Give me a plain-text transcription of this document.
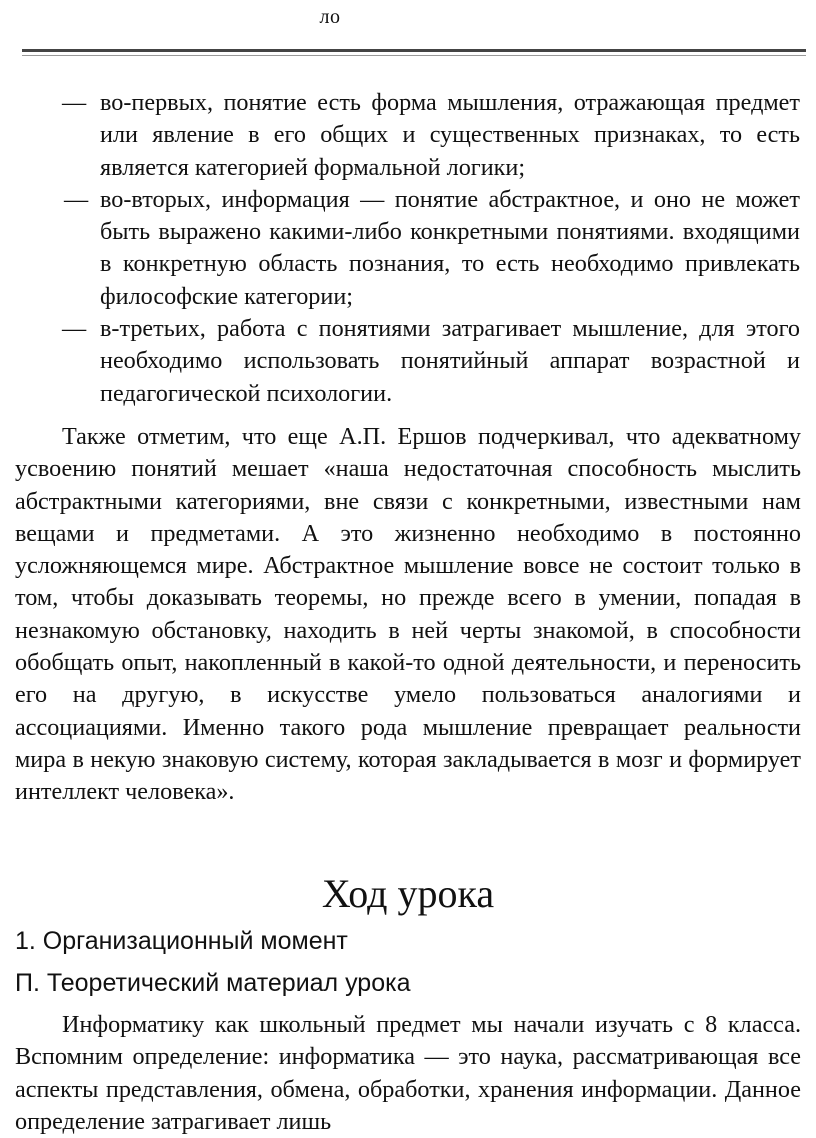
ло
— во-первых, понятие есть форма мышления, отражающая предмет или явление в его общих и существенных признаках, то есть является категорией формальной логики;
— во-вторых, информация — понятие абстрактное, и оно не может быть выражено какими-либо конкретными понятиями. входящими в конкретную область познания, то есть необходимо привлекать философские категории;
— в-третьих, работа с понятиями затрагивает мышление, для этого необходимо использовать понятийный аппарат возрастной и педагогической психологии.
Также отметим, что еще А.П. Ершов подчеркивал, что адекватному усвоению понятий мешает «наша недостаточная способность мыслить абстрактными категориями, вне связи с конкретными, известными нам вещами и предметами. А это жизненно необходимо в постоянно усложняющемся мире. Абстрактное мышление вовсе не состоит только в том, чтобы доказывать теоремы, но прежде всего в умении, попадая в незнакомую обстановку, находить в ней черты знакомой, в способности обобщать опыт, накопленный в какой-то одной деятельности, и переносить его на другую, в искусстве умело пользоваться аналогиями и ассоциациями. Именно такого рода мышление превращает реальности мира в некую знаковую систему, которая закладывается в мозг и формирует интеллект человека».
Ход урока
1. Организационный момент
П. Теоретический материал урока
Информатику как школьный предмет мы начали изучать с 8 класса. Вспомним определение: информатика — это наука, рассматривающая все аспекты представления, обмена, обработки, хранения информации. Данное определение затрагивает лишь
